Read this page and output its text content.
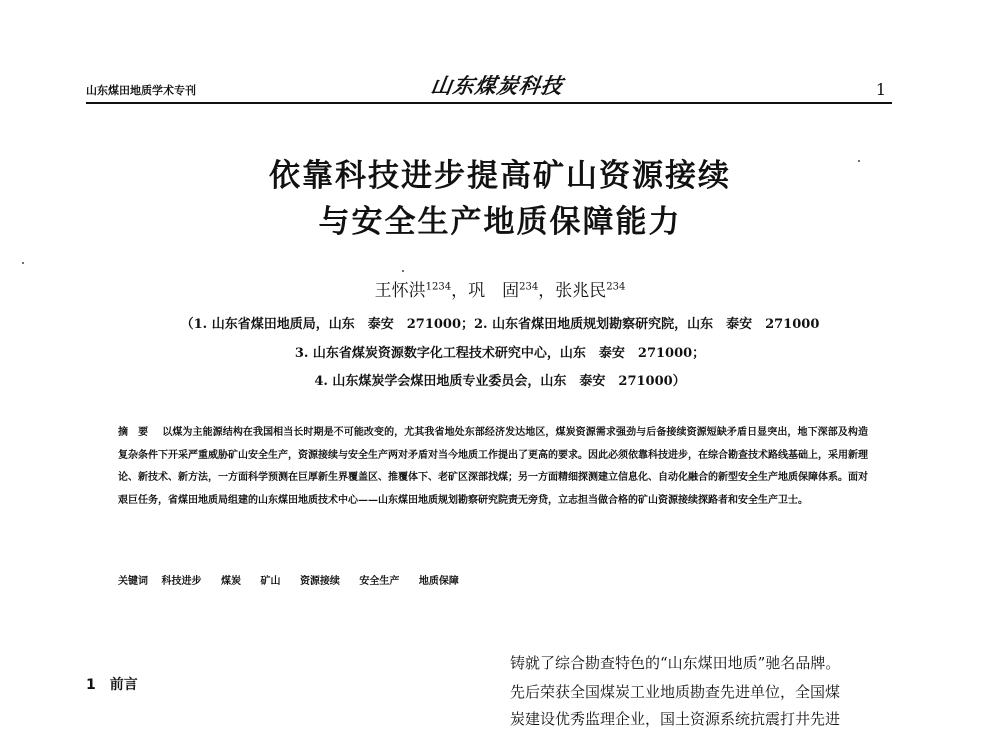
山东煤田地质学术专刊	山东煤炭科技	1
依靠科技进步提高矿山资源接续
与安全生产地质保障能力
王怀洪$^{1234}$，巩　固$^{234}$，张兆民$^{234}$
（1. 山东省煤田地质局，山东　泰安　271000；2. 山东省煤田地质规划勘察研究院，山东　泰安　271000
3. 山东省煤炭资源数字化工程技术研究中心，山东　泰安　271000；
4. 山东煤炭学会煤田地质专业委员会，山东　泰安　271000）
摘　要 以煤为主能源结构在我国相当长时期是不可能改变的，尤其我省地处东部经济发达地区，煤炭资源需求强劲与后备接续资源短缺矛盾日显突出，地下深部及构造复杂条件下开采严重威胁矿山安全生产，资源接续与安全生产两对矛盾对当今地质工作提出了更高的要求。因此必须依靠科技进步，在综合勘查技术路线基础上，采用新理论、新技术、新方法，一方面科学预测在巨厚新生界覆盖区、推覆体下、老矿区深部找煤；另一方面精细探测建立信息化、自动化融合的新型安全生产地质保障体系。面对艰巨任务，省煤田地质局组建的山东煤田地质技术中心——山东煤田地质规划勘察研究院责无旁贷，立志担当做合格的矿山资源接续探路者和安全生产卫士。
关键词 科技进步 煤炭 矿山 资源接续 安全生产 地质保障
1 前言
铸就了综合勘查特色的“山东煤田地质”驰名品牌。
先后荣获全国煤炭工业地质勘查先进单位，全国煤
炭建设优秀监理企业，国土资源系统抗震打井先进
